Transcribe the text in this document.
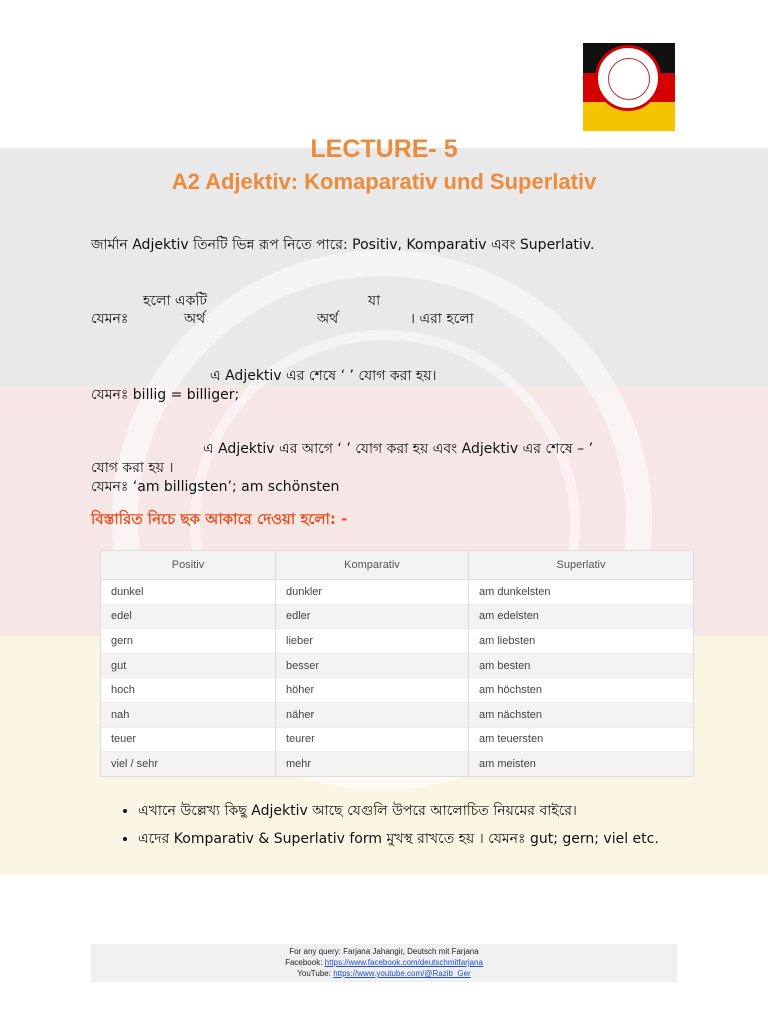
LECTURE- 5
A2 Adjektiv: Komaparativ und Superlativ
জার্মান Adjektiv তিনটি ভিন্ন রূপ নিতে পারে: Positiv, Komparativ এবং Superlativ.
হলো একটি	যা
যেমনঃ	অর্থ	অর্থ	। এরা হলো
এ Adjektiv এর শেষে ‘ ’ যোগ করা হয়।
যেমনঃ billig = billiger;
এ Adjektiv এর আগে ‘ ’ যোগ করা হয় এবং Adjektiv এর শেষে – ’
যোগ করা হয় ।
যেমনঃ ‘am billigsten’; am schönsten
বিস্তারিত নিচে ছক আকারে দেওয়া হলো: -
Positiv	Komparativ	Superlativ
dunkel	dunkler	am dunkelsten
edel	edler	am edelsten
gern	lieber	am liebsten
gut	besser	am besten
hoch	höher	am höchsten
nah	näher	am nächsten
teuer	teurer	am teuersten
viel / sehr	mehr	am meisten
• এখানে উল্লেখ্য কিছু Adjektiv আছে যেগুলি উপরে আলোচিত নিয়মের বাইরে।
• এদের Komparativ & Superlativ form মুখস্থ রাখতে হয় । যেমনঃ gut; gern; viel etc.
For any query: Farjana Jahangir, Deutsch mit Farjana
Facebook: https://www.facebook.com/deutschmitfarjana
YouTube: https://www.youtube.com/@Razib_Ger
